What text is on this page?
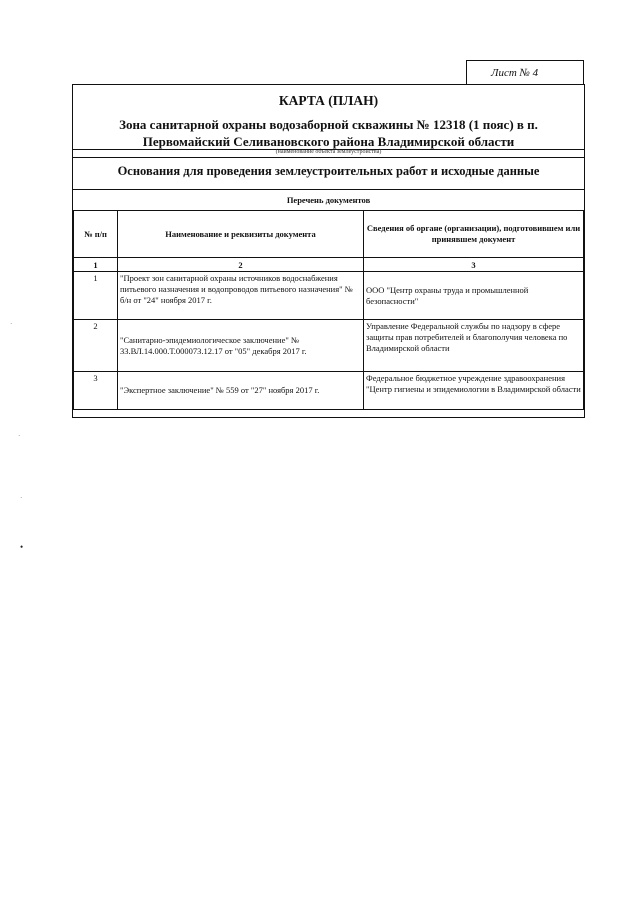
Лист № 4
КАРТА (ПЛАН)
Зона санитарной охраны водозаборной скважины № 12318 (1 пояс) в п.
Первомайский Селивановского района Владимирской области
(наименование объекта землеустройства)
Основания для проведения землеустроительных работ и исходные данные
Перечень документов
№ п/п	Наименование и реквизиты документа	Сведения об органе (организации), подготовившем или принявшем документ
1	2	3
1	"Проект зон санитарной охраны источников водоснабжения питьевого назначения и водопроводов питьевого назначения" № б/н от "24" ноября 2017 г.	ООО "Центр охраны труда и промышленной безопасности"
2	"Санитарно-эпидемиологическое заключение" № 33.ВЛ.14.000.Т.000073.12.17 от "05" декабря 2017 г.	Управление Федеральной службы по надзору в сфере защиты прав потребителей и благополучия человека по Владимирской области
3	"Экспертное заключение" № 559 от "27" ноября 2017 г.	Федеральное бюджетное учреждение здравоохранения "Центр гигиены и эпидемиологии в Владимирской области
·
·
·
•
